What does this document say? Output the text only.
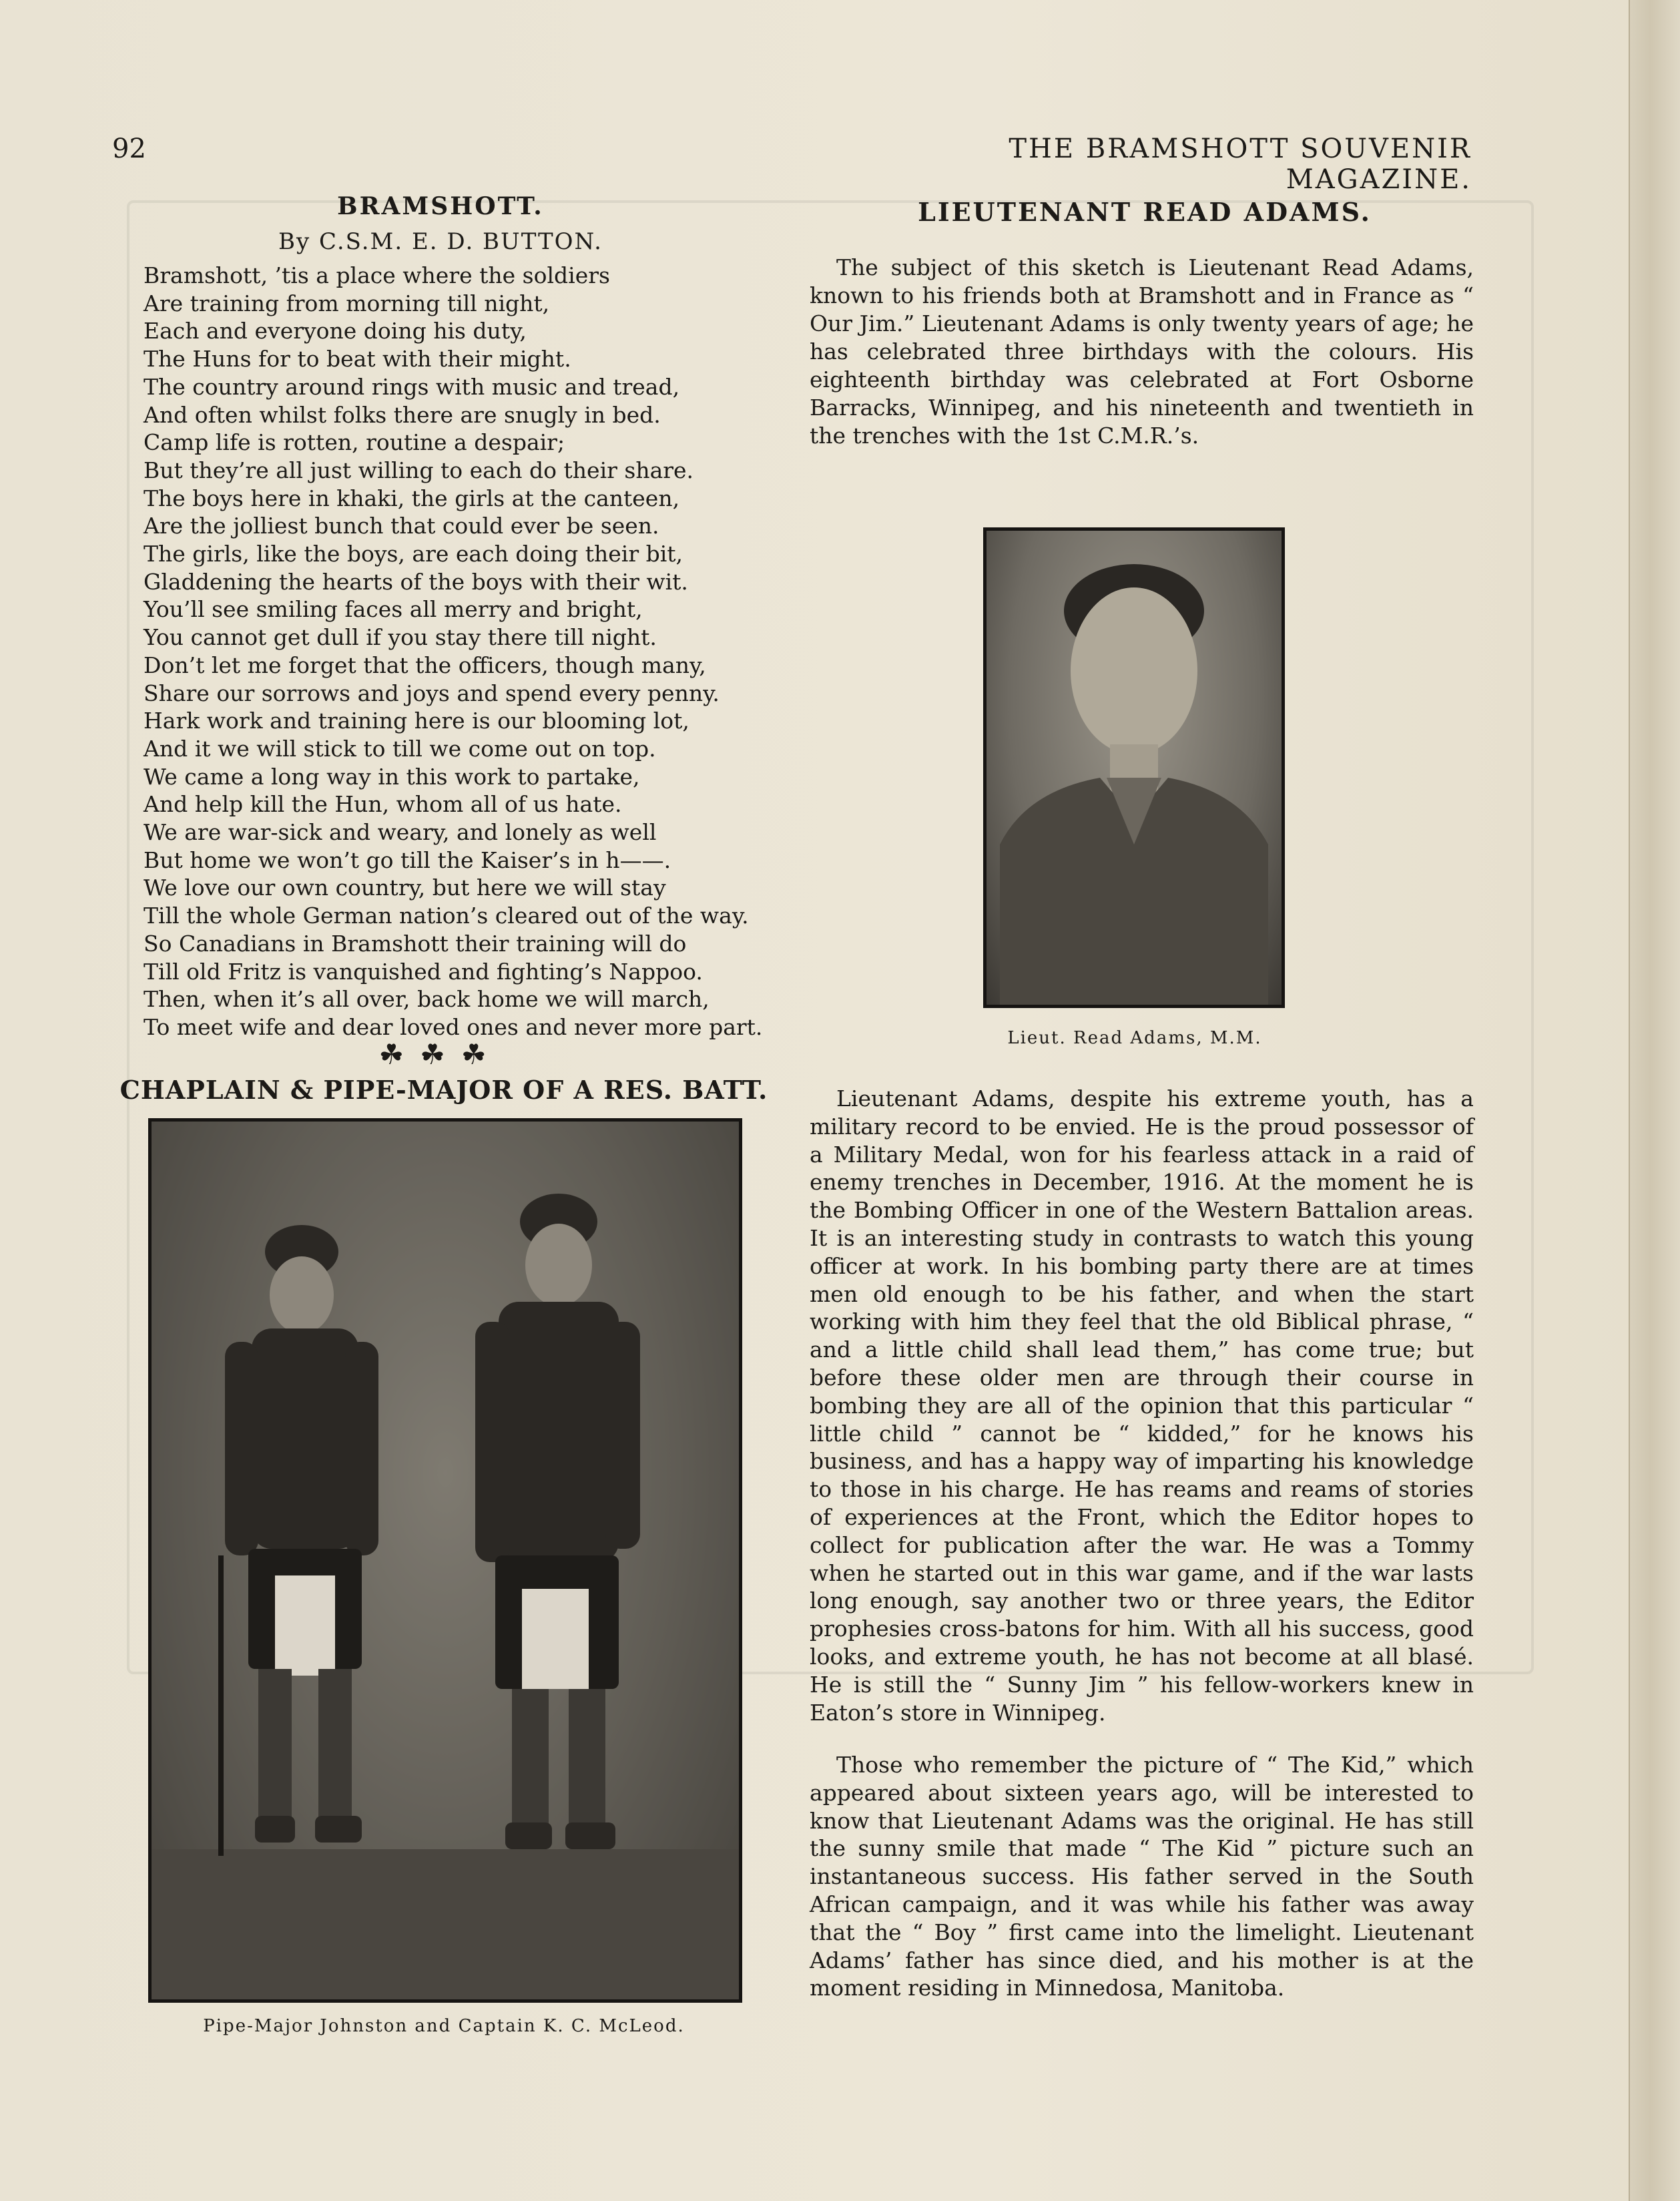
92	THE BRAMSHOTT SOUVENIR MAGAZINE.
BRAMSHOTT.
By C.S.M. E. D. BUTTON.
Bramshott, ’tis a place where the soldiers
Are training from morning till night,
Each and everyone doing his duty,
The Huns for to beat with their might.
The country around rings with music and tread,
And often whilst folks there are snugly in bed.
Camp life is rotten, routine a despair;
But they’re all just willing to each do their share.
The boys here in khaki, the girls at the canteen,
Are the jolliest bunch that could ever be seen.
The girls, like the boys, are each doing their bit,
Gladdening the hearts of the boys with their wit.
You’ll see smiling faces all merry and bright,
You cannot get dull if you stay there till night.
Don’t let me forget that the officers, though many,
Share our sorrows and joys and spend every penny.
Hark work and training here is our blooming lot,
And it we will stick to till we come out on top.
We came a long way in this work to partake,
And help kill the Hun, whom all of us hate.
We are war-sick and weary, and lonely as well
But home we won’t go till the Kaiser’s in h——.
We love our own country, but here we will stay
Till the whole German nation’s cleared out of the way.
So Canadians in Bramshott their training will do
Till old Fritz is vanquished and fighting’s Nappoo.
Then, when it’s all over, back home we will march,
To meet wife and dear loved ones and never more part.
☘☘☘
CHAPLAIN & PIPE-MAJOR OF A RES. BATT.
Pipe-Major Johnston and Captain K. C. McLeod.
LIEUTENANT READ ADAMS.
The subject of this sketch is Lieutenant Read Adams, known to his friends both at Bramshott and in France as “ Our Jim.” Lieutenant Adams is only twenty years of age; he has celebrated three birthdays with the colours. His eighteenth birthday was celebrated at Fort Osborne Barracks, Winnipeg, and his nineteenth and twentieth in the trenches with the 1st C.M.R.’s.
Lieut. Read Adams, M.M.
Lieutenant Adams, despite his extreme youth, has a military record to be envied. He is the proud possessor of a Military Medal, won for his fearless attack in a raid of enemy trenches in December, 1916. At the moment he is the Bombing Officer in one of the Western Battalion areas. It is an interesting study in contrasts to watch this young officer at work. In his bombing party there are at times men old enough to be his father, and when the start working with him they feel that the old Biblical phrase, “ and a little child shall lead them,” has come true; but before these older men are through their course in bombing they are all of the opinion that this particular “ little child ” cannot be “ kidded,” for he knows his business, and has a happy way of imparting his knowledge to those in his charge. He has reams and reams of stories of experiences at the Front, which the Editor hopes to collect for publication after the war. He was a Tommy when he started out in this war game, and if the war lasts long enough, say another two or three years, the Editor prophesies cross-batons for him. With all his success, good looks, and extreme youth, he has not become at all blasé. He is still the “ Sunny Jim ” his fellow-workers knew in Eaton’s store in Winnipeg.
Those who remember the picture of “ The Kid,” which appeared about sixteen years ago, will be interested to know that Lieutenant Adams was the original. He has still the sunny smile that made “ The Kid ” picture such an instantaneous success. His father served in the South African campaign, and it was while his father was away that the “ Boy ” first came into the limelight. Lieutenant Adams’ father has since died, and his mother is at the moment residing in Minnedosa, Manitoba.
